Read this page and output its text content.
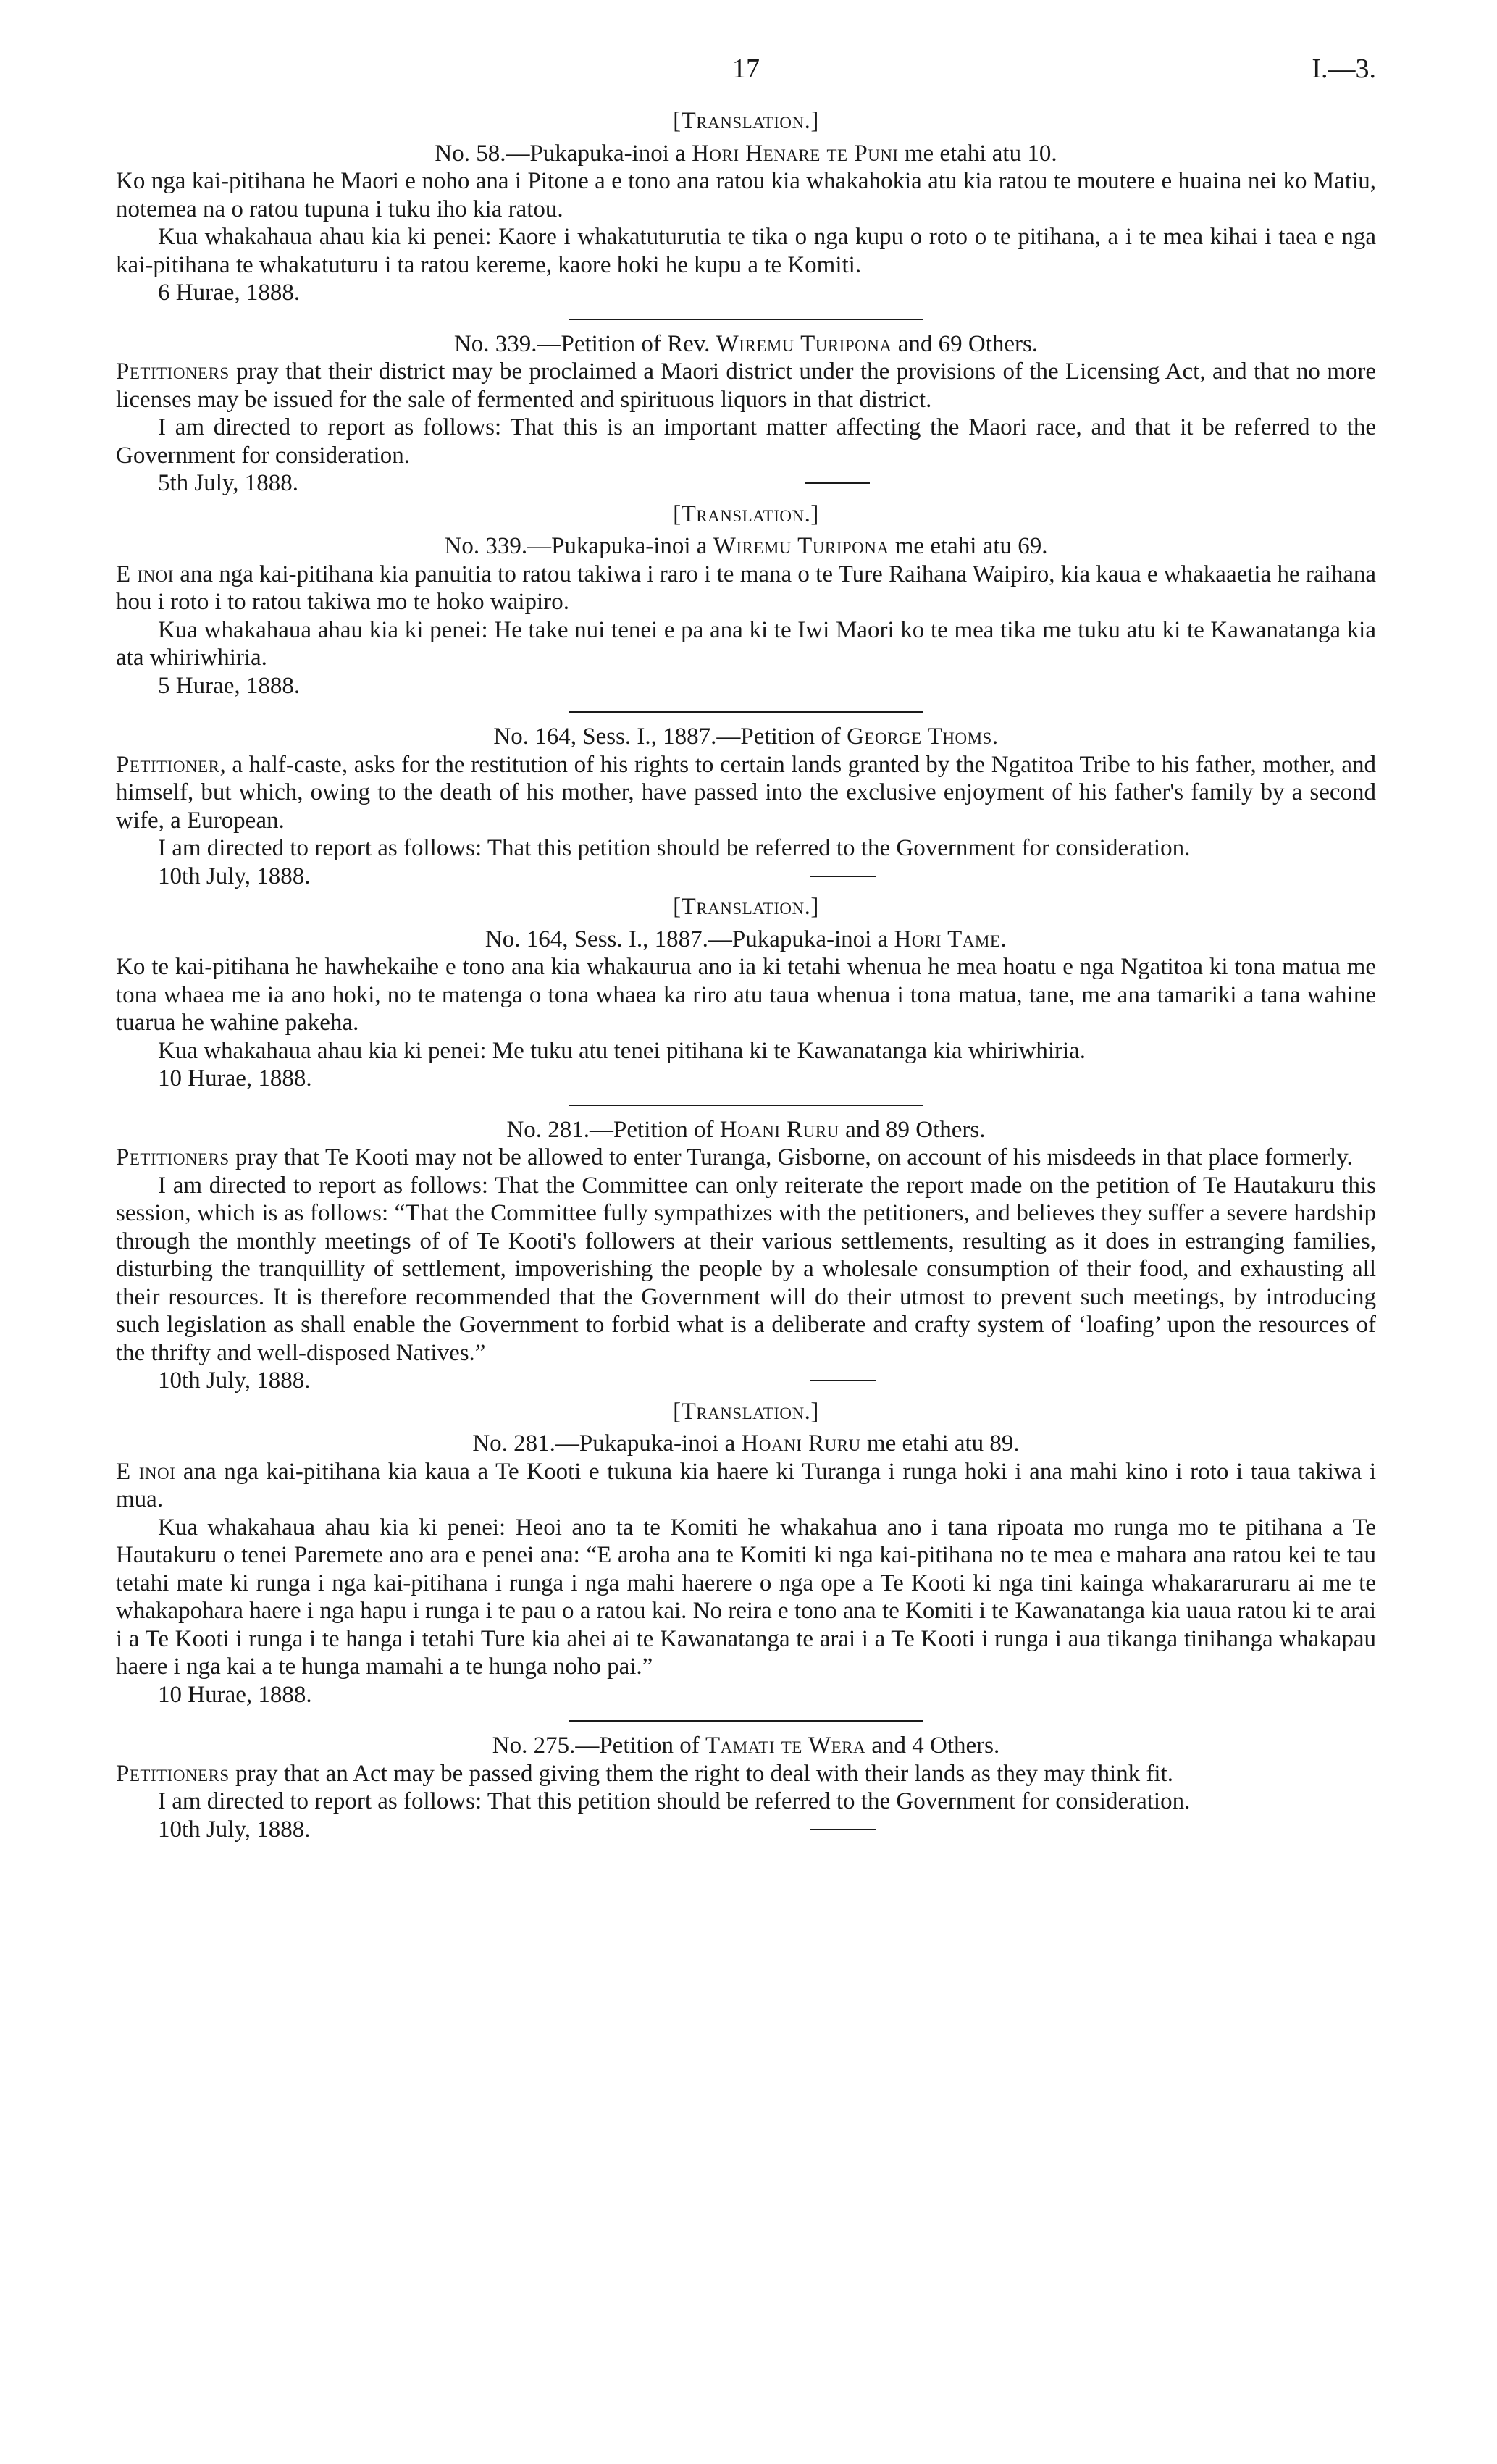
17	I.—3.
[Translation.]
No. 58.—Pukapuka-inoi a Hori Henare te Puni me etahi atu 10.

Ko nga kai-pitihana he Maori e noho ana i Pitone a e tono ana ratou kia whakahokia atu kia ratou te moutere e huaina nei ko Matiu, notemea na o ratou tupuna i tuku iho kia ratou.

Kua whakahaua ahau kia ki penei: Kaore i whakatuturutia te tika o nga kupu o roto o te pitihana, a i te mea kihai i taea e nga kai-pitihana te whakatuturu i ta ratou kereme, kaore hoki he kupu a te Komiti.

6 Hurae, 1888.
No. 339.—Petition of Rev. Wiremu Turipona and 69 Others.

Petitioners pray that their district may be proclaimed a Maori district under the provisions of the Licensing Act, and that no more licenses may be issued for the sale of fermented and spirituous liquors in that district.

I am directed to report as follows: That this is an important matter affecting the Maori race, and that it be referred to the Government for consideration.

5th July, 1888.
[Translation.]
No. 339.—Pukapuka-inoi a Wiremu Turipona me etahi atu 69.

E inoi ana nga kai-pitihana kia panuitia to ratou takiwa i raro i te mana o te Ture Raihana Waipiro, kia kaua e whakaaetia he raihana hou i roto i to ratou takiwa mo te hoko waipiro.

Kua whakahaua ahau kia ki penei: He take nui tenei e pa ana ki te Iwi Maori ko te mea tika me tuku atu ki te Kawanatanga kia ata whiriwhiria.

5 Hurae, 1888.
No. 164, Sess. I., 1887.—Petition of George Thoms.

Petitioner, a half-caste, asks for the restitution of his rights to certain lands granted by the Ngatitoa Tribe to his father, mother, and himself, but which, owing to the death of his mother, have passed into the exclusive enjoyment of his father's family by a second wife, a European.

I am directed to report as follows: That this petition should be referred to the Government for consideration.

10th July, 1888.
[Translation.]
No. 164, Sess. I., 1887.—Pukapuka-inoi a Hori Tame.

Ko te kai-pitihana he hawhekaihe e tono ana kia whakaurua ano ia ki tetahi whenua he mea hoatu e nga Ngatitoa ki tona matua me tona whaea me ia ano hoki, no te matenga o tona whaea ka riro atu taua whenua i tona matua, tane, me ana tamariki a tana wahine tuarua he wahine pakeha.

Kua whakahaua ahau kia ki penei: Me tuku atu tenei pitihana ki te Kawanatanga kia whiriwhiria.

10 Hurae, 1888.
No. 281.—Petition of Hoani Ruru and 89 Others.

Petitioners pray that Te Kooti may not be allowed to enter Turanga, Gisborne, on account of his misdeeds in that place formerly.

I am directed to report as follows: That the Committee can only reiterate the report made on the petition of Te Hautakuru this session, which is as follows: “That the Committee fully sympathizes with the petitioners, and believes they suffer a severe hardship through the monthly meetings of of Te Kooti's followers at their various settlements, resulting as it does in estranging families, disturbing the tranquillity of settlement, impoverishing the people by a wholesale consumption of their food, and exhausting all their resources. It is therefore recommended that the Government will do their utmost to prevent such meetings, by introducing such legislation as shall enable the Government to forbid what is a deliberate and crafty system of ‘loafing’ upon the resources of the thrifty and well-disposed Natives.”

10th July, 1888.
[Translation.]
No. 281.—Pukapuka-inoi a Hoani Ruru me etahi atu 89.

E inoi ana nga kai-pitihana kia kaua a Te Kooti e tukuna kia haere ki Turanga i runga hoki i ana mahi kino i roto i taua takiwa i mua.

Kua whakahaua ahau kia ki penei: Heoi ano ta te Komiti he whakahua ano i tana ripoata mo runga mo te pitihana a Te Hautakuru o tenei Paremete ano ara e penei ana: “E aroha ana te Komiti ki nga kai-pitihana no te mea e mahara ana ratou kei te tau tetahi mate ki runga i nga kai-pitihana i runga i nga mahi haerere o nga ope a Te Kooti ki nga tini kainga whakararuraru ai me te whakapohara haere i nga hapu i runga i te pau o a ratou kai. No reira e tono ana te Komiti i te Kawanatanga kia uaua ratou ki te arai i a Te Kooti i runga i te hanga i tetahi Ture kia ahei ai te Kawanatanga te arai i a Te Kooti i runga i aua tikanga tinihanga whakapau haere i nga kai a te hunga mamahi a te hunga noho pai.”

10 Hurae, 1888.
No. 275.—Petition of Tamati te Wera and 4 Others.

Petitioners pray that an Act may be passed giving them the right to deal with their lands as they may think fit.

I am directed to report as follows: That this petition should be referred to the Government for consideration.

10th July, 1888.
